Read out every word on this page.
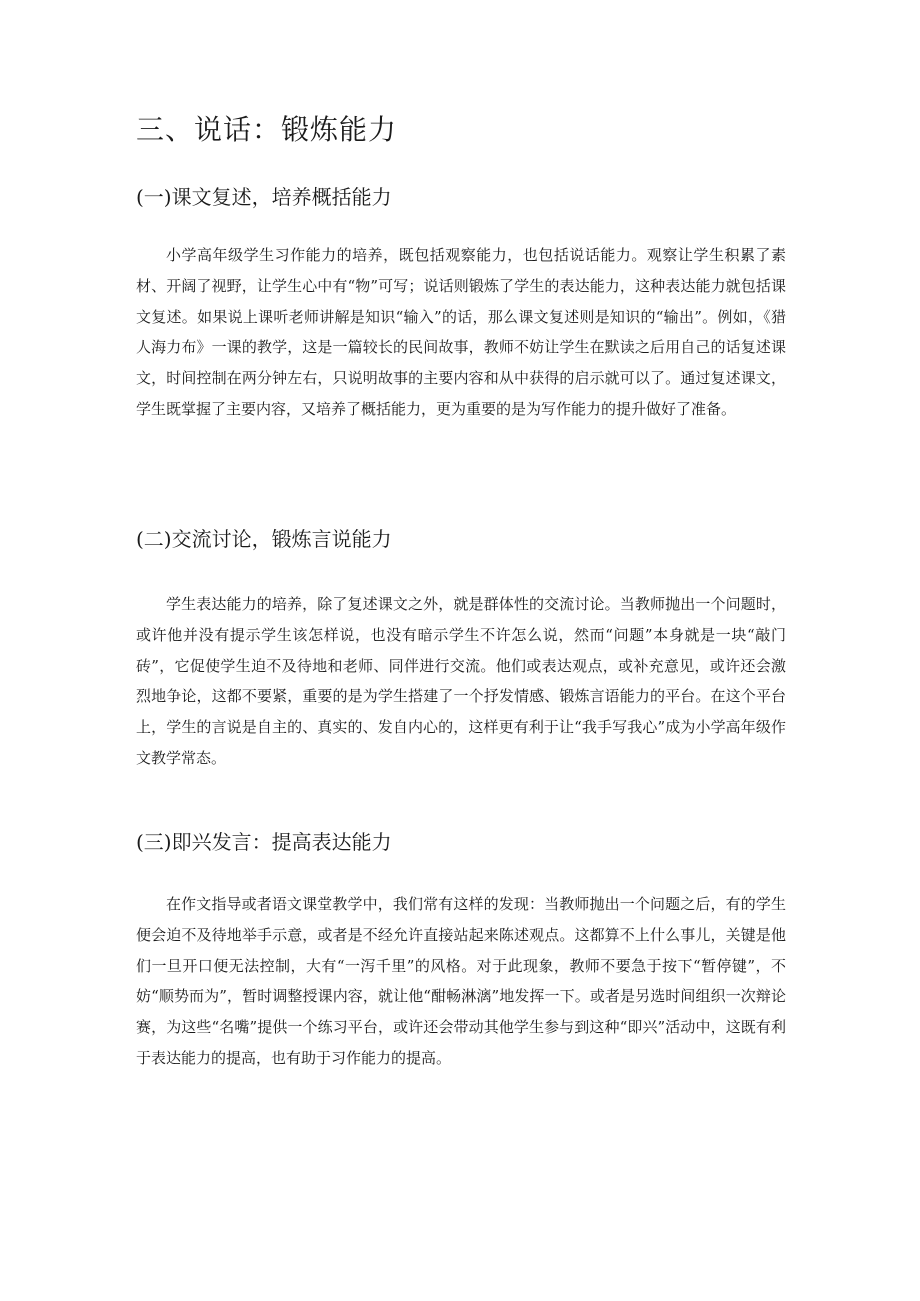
三、说话：锻炼能力
(一)课文复述，培养概括能力

小学高年级学生习作能力的培养，既包括观察能力，也包括说话能力。观察让学生积累了素材、开阔了视野，让学生心中有“物”可写；说话则锻炼了学生的表达能力，这种表达能力就包括课文复述。如果说上课听老师讲解是知识“输入”的话，那么课文复述则是知识的“输出”。例如，《猎人海力布》一课的教学，这是一篇较长的民间故事，教师不妨让学生在默读之后用自己的话复述课文，时间控制在两分钟左右，只说明故事的主要内容和从中获得的启示就可以了。通过复述课文，学生既掌握了主要内容，又培养了概括能力，更为重要的是为写作能力的提升做好了准备。

(二)交流讨论，锻炼言说能力

学生表达能力的培养，除了复述课文之外，就是群体性的交流讨论。当教师抛出一个问题时，或许他并没有提示学生该怎样说，也没有暗示学生不许怎么说，然而“问题”本身就是一块“敲门砖”，它促使学生迫不及待地和老师、同伴进行交流。他们或表达观点，或补充意见，或许还会激烈地争论，这都不要紧，重要的是为学生搭建了一个抒发情感、锻炼言语能力的平台。在这个平台上，学生的言说是自主的、真实的、发自内心的，这样更有利于让“我手写我心”成为小学高年级作文教学常态。

(三)即兴发言：提高表达能力

在作文指导或者语文课堂教学中，我们常有这样的发现：当教师抛出一个问题之后，有的学生便会迫不及待地举手示意，或者是不经允许直接站起来陈述观点。这都算不上什么事儿，关键是他们一旦开口便无法控制，大有“一泻千里”的风格。对于此现象，教师不要急于按下“暂停键”，不妨“顺势而为”，暂时调整授课内容，就让他“酣畅淋漓”地发挥一下。或者是另选时间组织一次辩论赛，为这些“名嘴”提供一个练习平台，或许还会带动其他学生参与到这种“即兴”活动中，这既有利于表达能力的提高，也有助于习作能力的提高。
